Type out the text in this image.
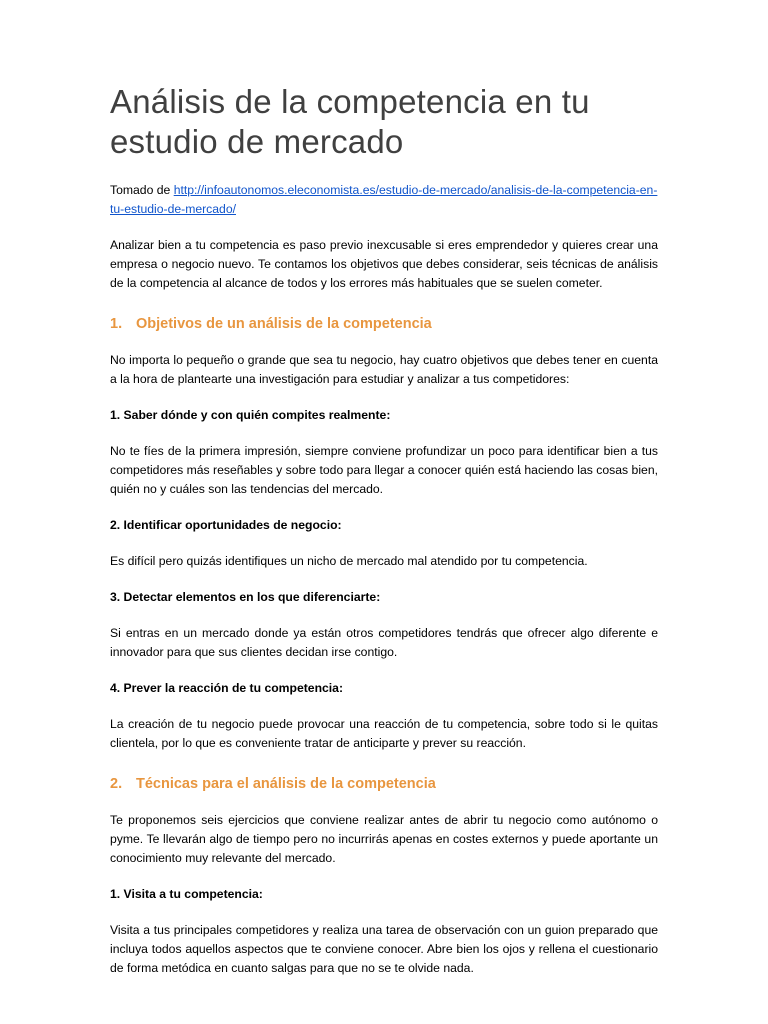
Análisis de la competencia en tu estudio de mercado
Tomado de http://infoautonomos.eleconomista.es/estudio-de-mercado/analisis-de-la-competencia-en-tu-estudio-de-mercado/

Analizar bien a tu competencia es paso previo inexcusable si eres emprendedor y quieres crear una empresa o negocio nuevo. Te contamos los objetivos que debes considerar, seis técnicas de análisis de la competencia al alcance de todos y los errores más habituales que se suelen cometer.

1. Objetivos de un análisis de la competencia

No importa lo pequeño o grande que sea tu negocio, hay cuatro objetivos que debes tener en cuenta a la hora de plantearte una investigación para estudiar y analizar a tus competidores:

1. Saber dónde y con quién compites realmente:

No te fíes de la primera impresión, siempre conviene profundizar un poco para identificar bien a tus competidores más reseñables y sobre todo para llegar a conocer quién está haciendo las cosas bien, quién no y cuáles son las tendencias del mercado.

2. Identificar oportunidades de negocio:

Es difícil pero quizás identifiques un nicho de mercado mal atendido por tu competencia.

3. Detectar elementos en los que diferenciarte:

Si entras en un mercado donde ya están otros competidores tendrás que ofrecer algo diferente e innovador para que sus clientes decidan irse contigo.

4. Prever la reacción de tu competencia:

La creación de tu negocio puede provocar una reacción de tu competencia, sobre todo si le quitas clientela, por lo que es conveniente tratar de anticiparte y prever su reacción.

2. Técnicas para el análisis de la competencia

Te proponemos seis ejercicios que conviene realizar antes de abrir tu negocio como autónomo o pyme. Te llevarán algo de tiempo pero no incurrirás apenas en costes externos y puede aportante un conocimiento muy relevante del mercado.

1. Visita a tu competencia:

Visita a tus principales competidores y realiza una tarea de observación con un guion preparado que incluya todos aquellos aspectos que te conviene conocer. Abre bien los ojos y rellena el cuestionario de forma metódica en cuanto salgas para que no se te olvide nada.
